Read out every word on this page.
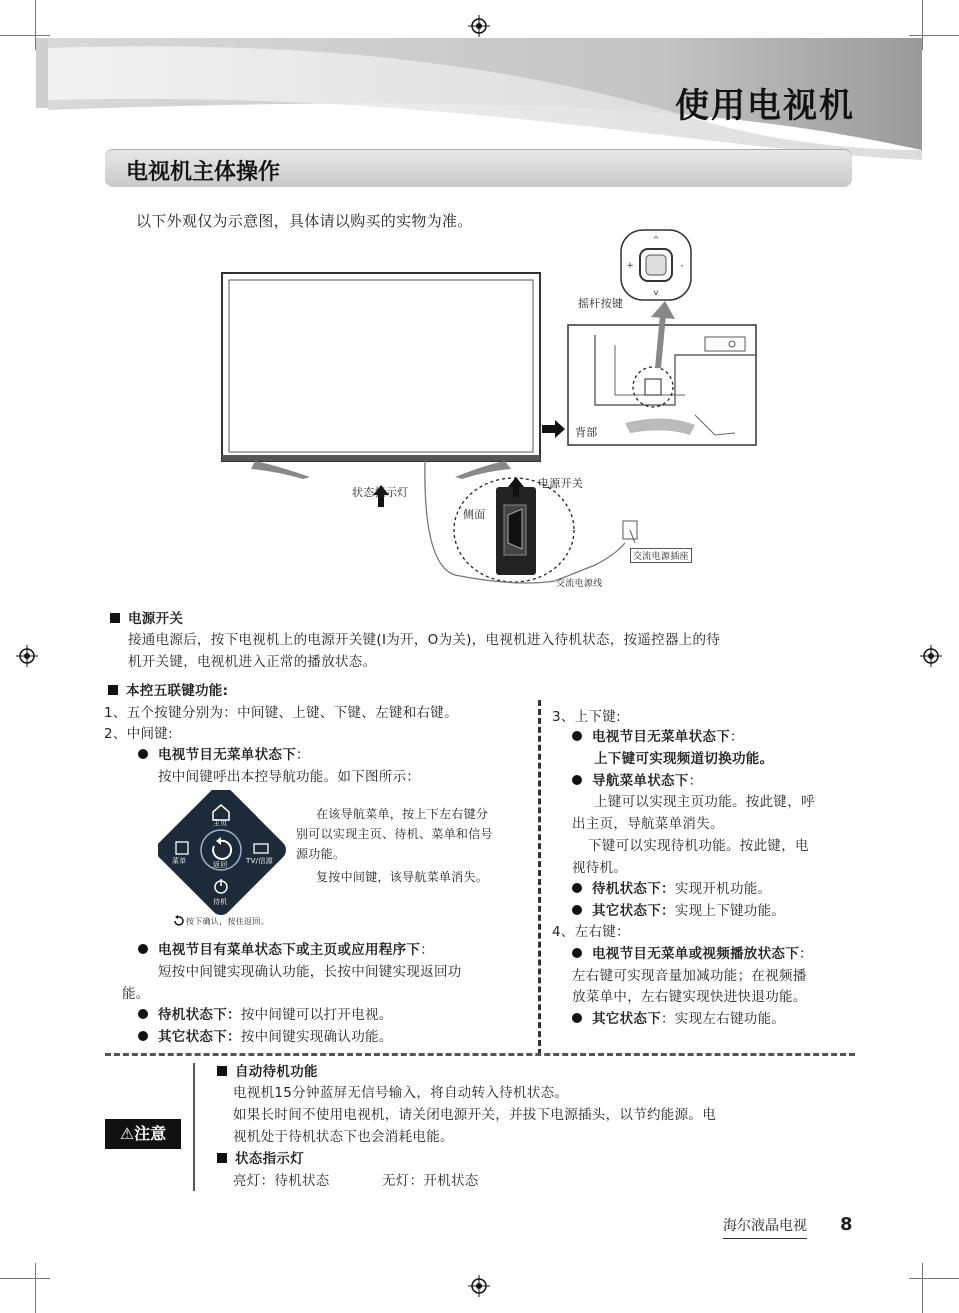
使用电视机
电视机主体操作
以下外观仅为示意图，具体请以购买的实物为准。
^
v
+	-
摇杆按键
背部
状态指示灯
电源开关
侧面
交流电源插座
交流电源线
电源开关
接通电源后，按下电视机上的电源开关键(I为开，O为关)，电视机进入待机状态，按遥控器上的待
机开关键，电视机进入正常的播放状态。
本控五联键功能:
1、五个按键分别为：中间键、上键、下键、左键和右键。
2、中间键:
电视节目无菜单状态下：
按中间键呼出本控导航功能。如下图所示：
主页
菜单	返回	TV/信源
待机
按下确认，按住返回。
在该导航菜单，按上下左右键分
别可以实现主页、待机、菜单和信号
源功能。
复按中间键，该导航菜单消失。
电视节目有菜单状态下或主页或应用程序下：
短按中间键实现确认功能，长按中间键实现返回功
能。
待机状态下：按中间键可以打开电视。
其它状态下：按中间键实现确认功能。
3、上下键:
电视节目无菜单状态下：
上下键可实现频道切换功能。
导航菜单状态下：
上键可以实现主页功能。按此键，呼
出主页，导航菜单消失。
下键可以实现待机功能。按此键，电
视待机。
待机状态下：实现开机功能。
其它状态下：实现上下键功能。
4、左右键：
电视节目无菜单或视频播放状态下：
左右键可实现音量加减功能；在视频播
放菜单中，左右键实现快进快退功能。
其它状态下：实现左右键功能。
⚠注意
自动待机功能
电视机15分钟蓝屏无信号输入，将自动转入待机状态。
如果长时间不使用电视机，请关闭电源开关，并拔下电源插头，以节约能源。电
视机处于待机状态下也会消耗电能。
状态指示灯
亮灯：待机状态	无灯：开机状态
海尔液晶电视 8
